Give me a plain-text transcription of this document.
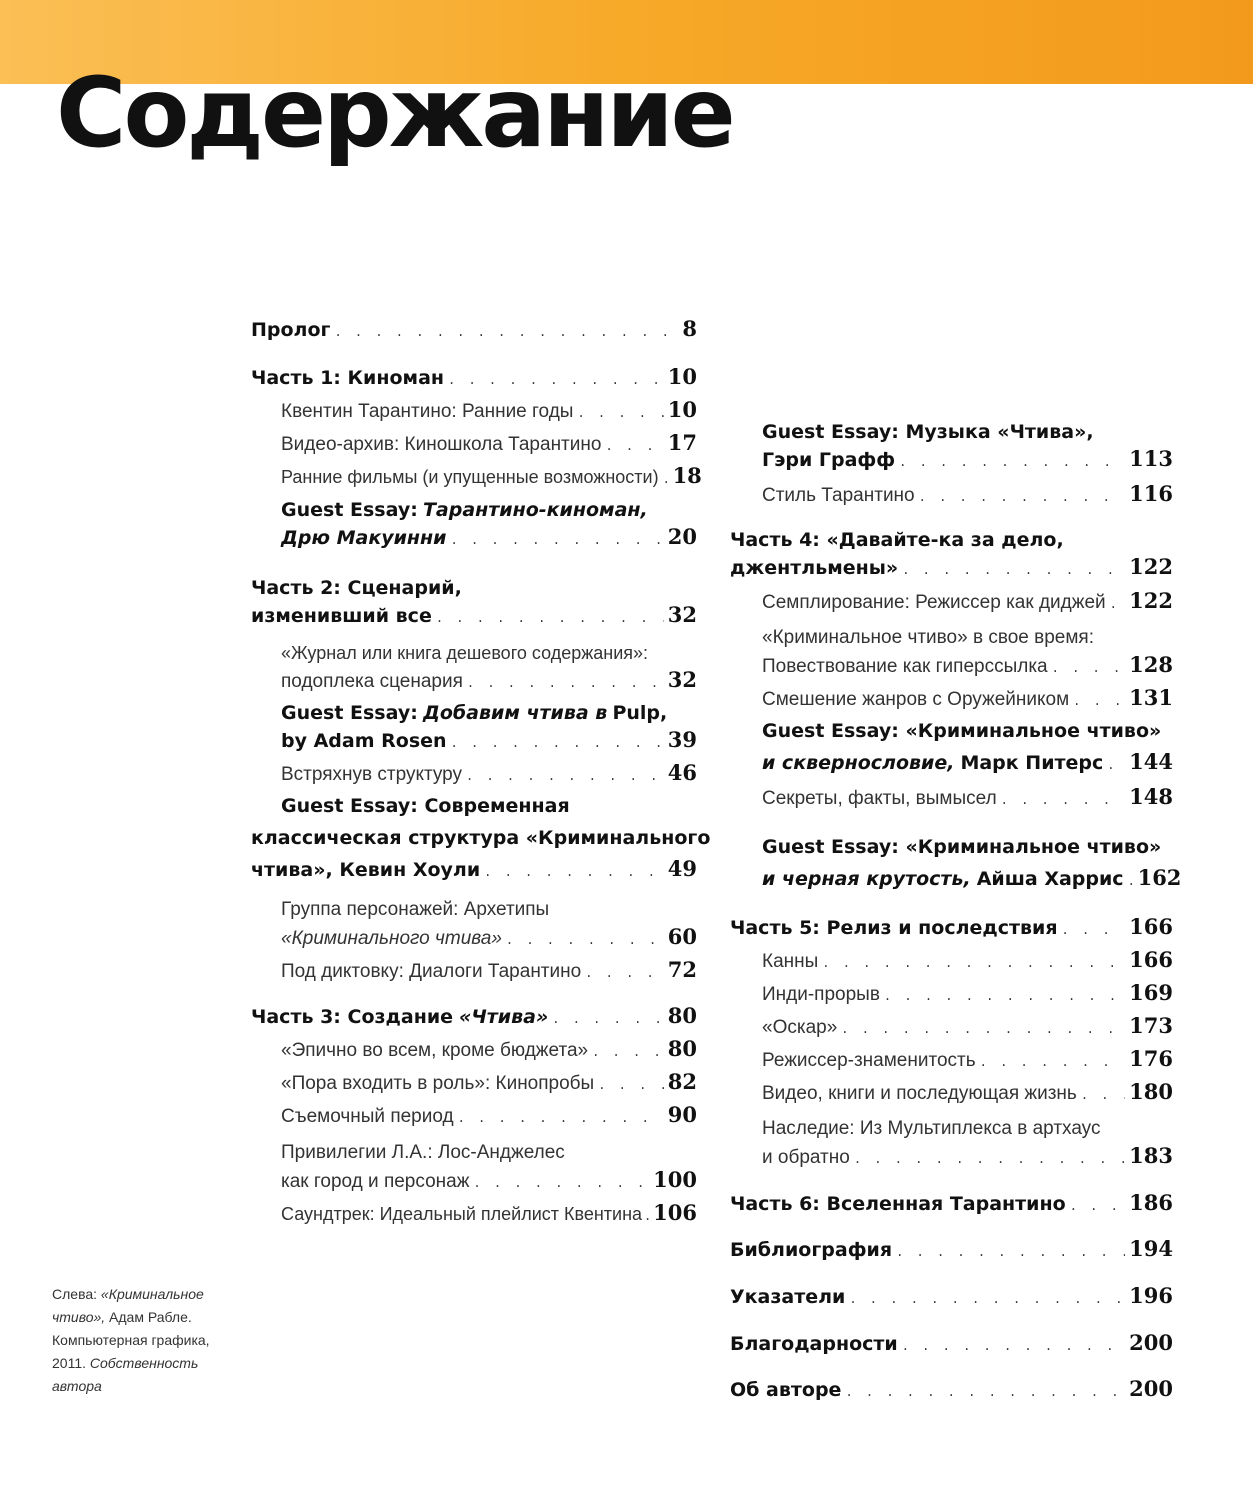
Содержание
Пролог . . .	8
Часть 1: Киноман . . .	10
Квентин Тарантино: Ранние годы . . .	10
Видео-архив: Киношкола Тарантино . . .	17
Ранние фильмы (и упущенные возможности) . . . 18
Guest Essay: Тарантино-киноман,
Дрю Макуинни . . .	20
Часть 2: Сценарий,
изменивший все . . .	32
«Журнал или книга дешевого содержания»:
подоплека сценария . . .	32
Guest Essay: Добавим чтива в Pulp,
by Adam Rosen . . .	39
Встряхнув структуру . . .	46
Guest Essay: Современная
классическая структура «Криминального
чтива», Кевин Хоули . . .	49
Группа персонажей: Архетипы
«Криминального чтива» . . .	60
Под диктовку: Диалоги Тарантино . . .	72
Часть 3: Создание «Чтива» . . .	80
«Эпично во всем, кроме бюджета» . . .	80
«Пора входить в роль»: Кинопробы . . .	82
Съемочный период . . .	90
Привилегии Л.А.: Лос-Анджелес
как город и персонаж . . .	100
Саундтрек: Идеальный плейлист Квентина . . . 106
Guest Essay: Музыка «Чтива»,
Гэри Графф . . .	113
Стиль Тарантино . . .	116
Часть 4: «Давайте-ка за дело,
джентльмены» . . .	122
Семплирование: Режиссер как диджей . . . 122
«Криминальное чтиво» в свое время:
Повествование как гиперссылка . . .	128
Смешение жанров с Оружейником . . .	131
Guest Essay: «Криминальное чтиво»
и сквернословие, Марк Питерс . . . 144
Секреты, факты, вымысел . . .	148
Guest Essay: «Криминальное чтиво»
и черная крутость, Айша Харрис . . . 162
Часть 5: Релиз и последствия . . .	166
Канны . . .	166
Инди-прорыв . . .	169
«Оскар» . . .	173
Режиссер-знаменитость . . .	176
Видео, книги и последующая жизнь . . . 180
Наследие: Из Мультиплекса в артхаус
и обратно . . .	183
Часть 6: Вселенная Тарантино . . .	186
Библиография . . .	194
Указатели . . .	196
Благодарности . . .	200
Об авторе . . .	200
Слева: «Криминальное чтиво», Адам Рабле. Компьютерная графика, 2011. Собственность автора
